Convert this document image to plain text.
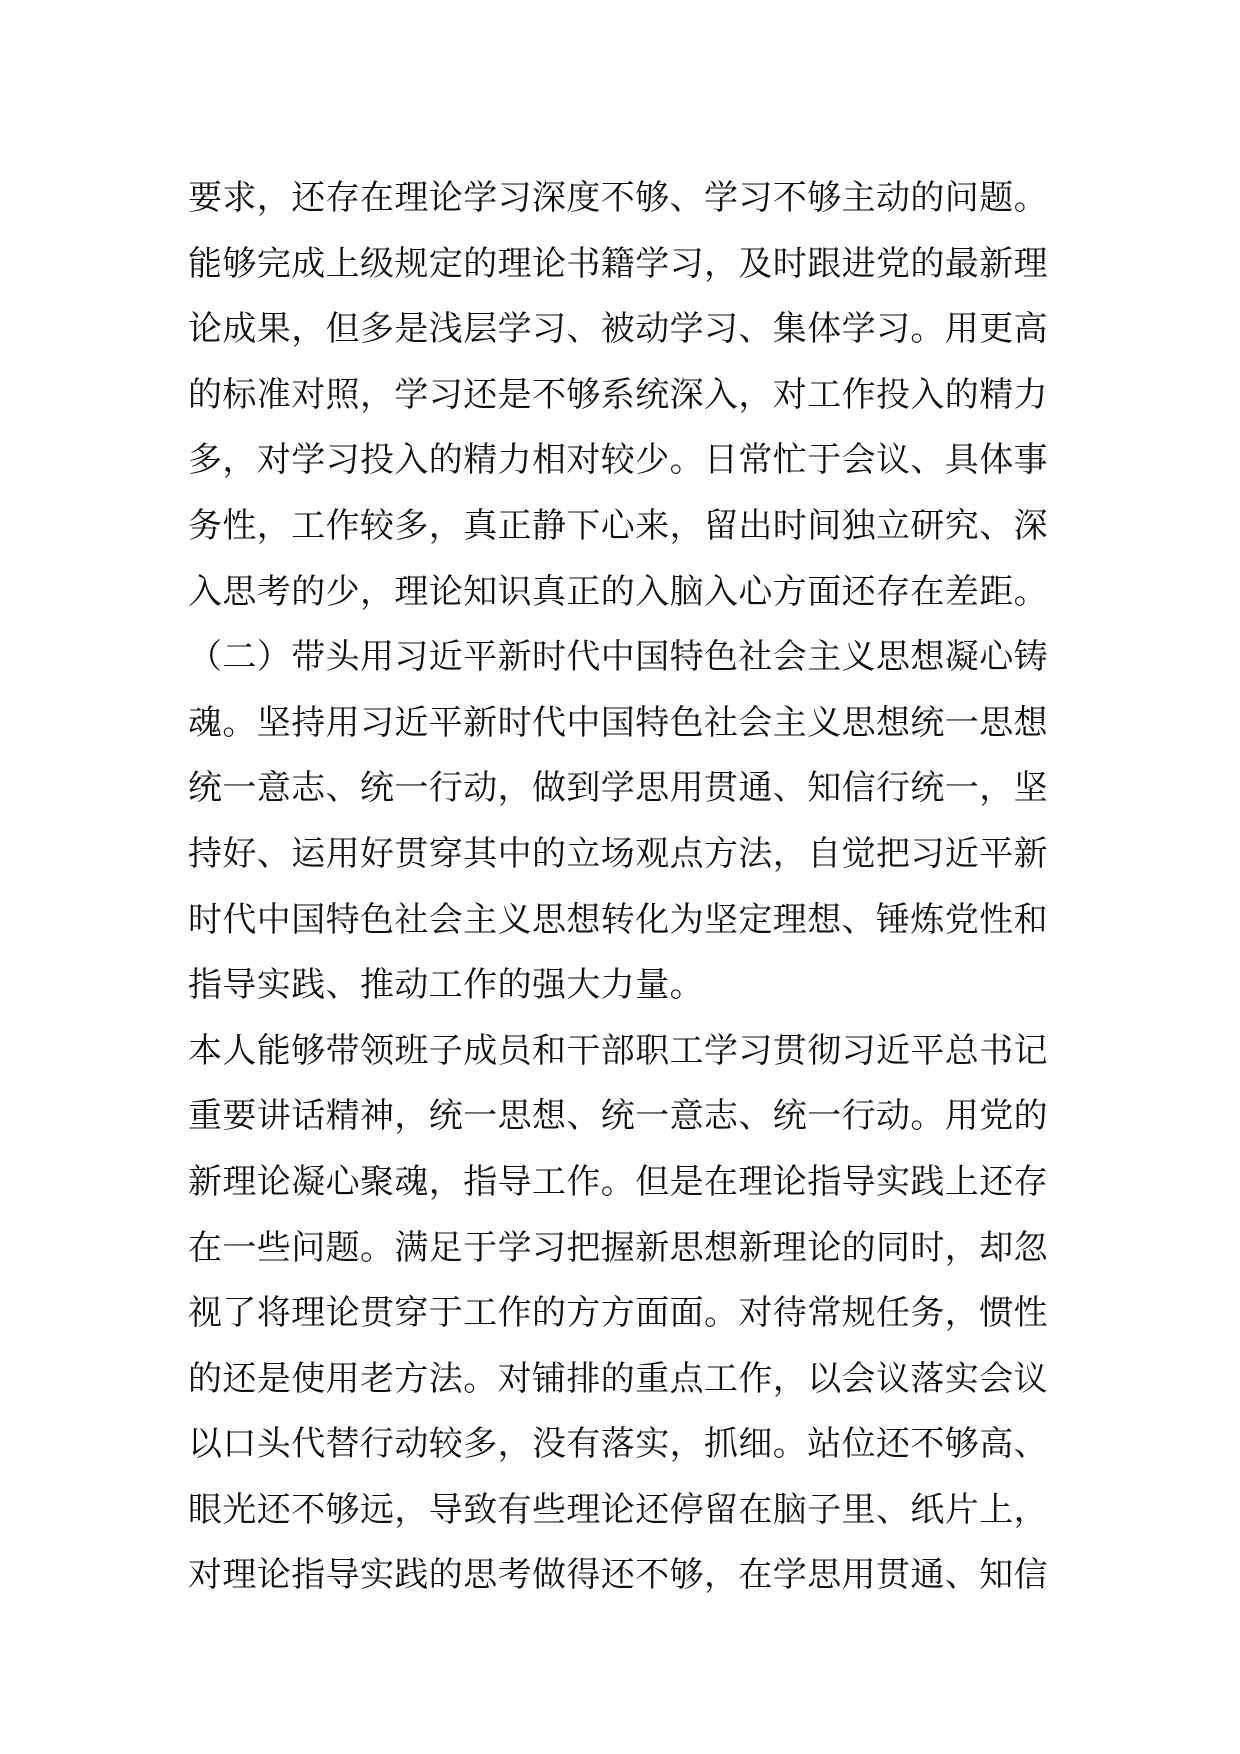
要求，还存在理论学习深度不够、学习不够主动的问题。
能够完成上级规定的理论书籍学习，及时跟进党的最新理
论成果，但多是浅层学习、被动学习、集体学习。用更高
的标准对照，学习还是不够系统深入，对工作投入的精力
多，对学习投入的精力相对较少。日常忙于会议、具体事
务性，工作较多，真正静下心来，留出时间独立研究、深
入思考的少，理论知识真正的入脑入心方面还存在差距。
（二）带头用习近平新时代中国特色社会主义思想凝心铸
魂。坚持用习近平新时代中国特色社会主义思想统一思想
统一意志、统一行动，做到学思用贯通、知信行统一，坚
持好、运用好贯穿其中的立场观点方法，自觉把习近平新
时代中国特色社会主义思想转化为坚定理想、锤炼党性和
指导实践、推动工作的强大力量。
本人能够带领班子成员和干部职工学习贯彻习近平总书记
重要讲话精神，统一思想、统一意志、统一行动。用党的
新理论凝心聚魂，指导工作。但是在理论指导实践上还存
在一些问题。满足于学习把握新思想新理论的同时，却忽
视了将理论贯穿于工作的方方面面。对待常规任务，惯性
的还是使用老方法。对铺排的重点工作，以会议落实会议
以口头代替行动较多，没有落实，抓细。站位还不够高、
眼光还不够远，导致有些理论还停留在脑子里、纸片上，
对理论指导实践的思考做得还不够，在学思用贯通、知信
